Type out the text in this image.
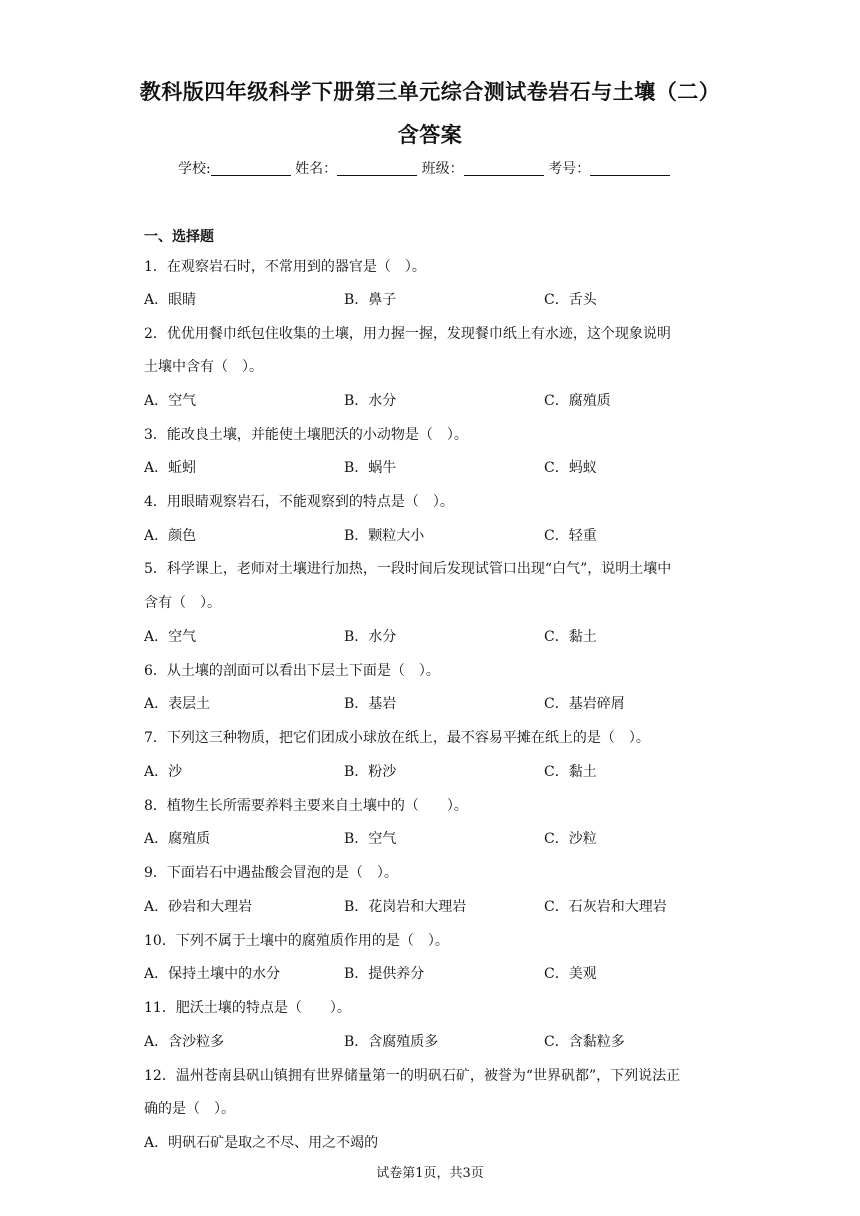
教科版四年级科学下册第三单元综合测试卷岩石与土壤（二）
含答案
学校:	姓名：	班级：	考号：
一、选择题
1．在观察岩石时，不常用到的器官是（　）。
A．眼睛	B．鼻子	C．舌头
2．优优用餐巾纸包住收集的土壤，用力握一握，发现餐巾纸上有水迹，这个现象说明
土壤中含有（　）。
A．空气	B．水分	C．腐殖质
3．能改良土壤，并能使土壤肥沃的小动物是（　）。
A．蚯蚓	B．蜗牛	C．蚂蚁
4．用眼睛观察岩石，不能观察到的特点是（　）。
A．颜色	B．颗粒大小	C．轻重
5．科学课上，老师对土壤进行加热，一段时间后发现试管口出现“白气”，说明土壤中
含有（　）。
A．空气	B．水分	C．黏土
6．从土壤的剖面可以看出下层土下面是（　）。
A．表层土	B．基岩	C．基岩碎屑
7．下列这三种物质，把它们团成小球放在纸上，最不容易平摊在纸上的是（　）。
A．沙	B．粉沙	C．黏土
8．植物生长所需要养料主要来自土壤中的（　　）。
A．腐殖质	B．空气	C．沙粒
9．下面岩石中遇盐酸会冒泡的是（　）。
A．砂岩和大理岩	B．花岗岩和大理岩	C．石灰岩和大理岩
10．下列不属于土壤中的腐殖质作用的是（　）。
A．保持土壤中的水分	B．提供养分	C．美观
11．肥沃土壤的特点是（　　）。
A．含沙粒多	B．含腐殖质多	C．含黏粒多
12．温州苍南县矾山镇拥有世界储量第一的明矾石矿，被誉为“世界矾都”，下列说法正
确的是（　）。
A．明矾石矿是取之不尽、用之不竭的
试卷第1页，共3页
